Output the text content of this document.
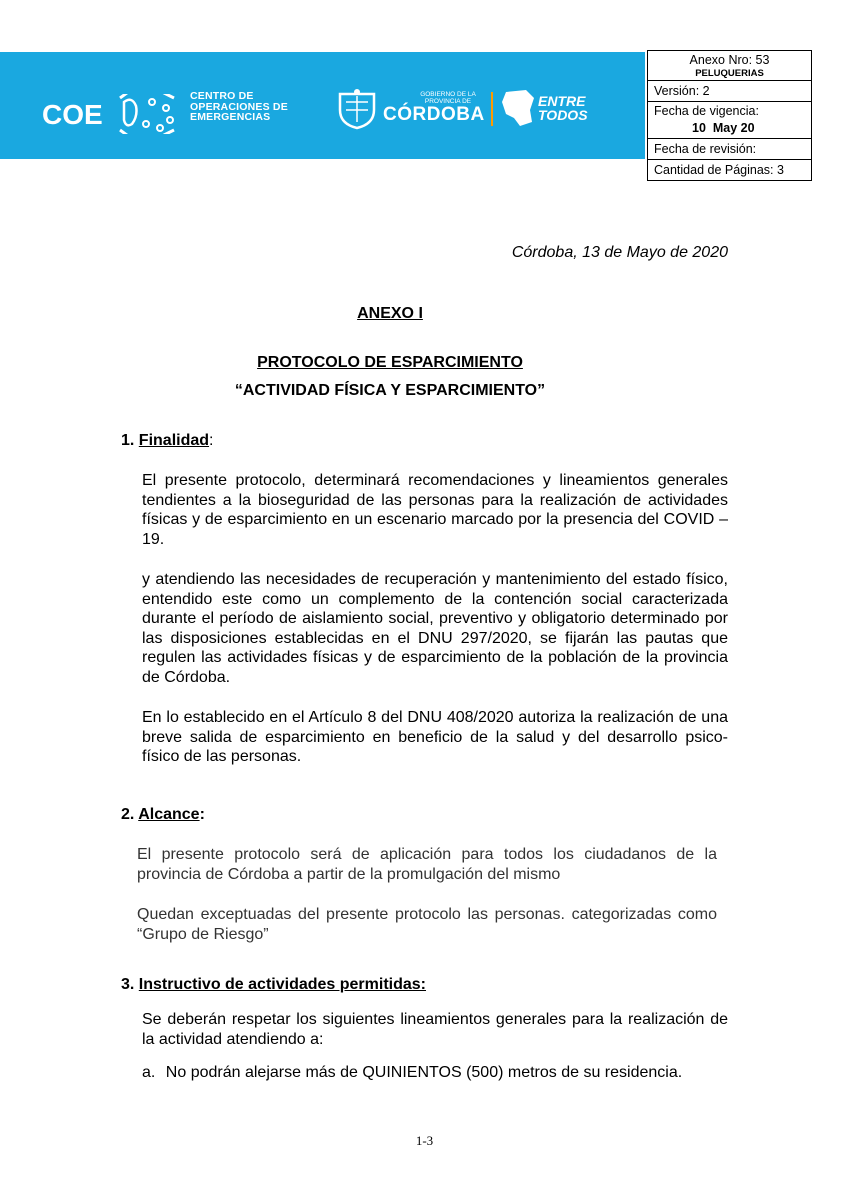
COE
CENTRO DE
OPERACIONES DE
EMERGENCIAS
GOBIERNO DE LA
PROVINCIA DE
CÓRDOBA
ENTRE
TODOS
Anexo Nro: 53
PELUQUERIAS
Versión: 2
Fecha de vigencia:
10  May 20
Fecha de revisión:
Cantidad de Páginas: 3
Córdoba, 13 de Mayo de 2020
ANEXO I
PROTOCOLO DE ESPARCIMIENTO
“ACTIVIDAD FÍSICA Y ESPARCIMIENTO”
1. Finalidad:
El presente protocolo, determinará recomendaciones y lineamientos generales tendientes a la bioseguridad de las personas para la realización de actividades físicas y de esparcimiento en un escenario marcado por la presencia del COVID – 19.
y atendiendo las necesidades de recuperación y mantenimiento del estado físico, entendido este como un complemento de la contención social caracterizada durante el período de aislamiento social, preventivo y obligatorio determinado por las disposiciones establecidas en el DNU 297/2020, se fijarán las pautas que regulen las actividades físicas y de esparcimiento de la población de la provincia de Córdoba.
En lo establecido en el Artículo 8 del DNU 408/2020 autoriza la realización de una breve salida de esparcimiento en beneficio de la salud y del desarrollo psico- físico de las personas.
2. Alcance:
El presente protocolo será de aplicación para todos los ciudadanos de la provincia de Córdoba a partir de la promulgación del mismo
Quedan exceptuadas del presente protocolo las personas. categorizadas como “Grupo de Riesgo”
3. Instructivo de actividades permitidas:
Se deberán respetar los siguientes lineamientos generales para la realización de la actividad atendiendo a:
a. No podrán alejarse más de QUINIENTOS (500) metros de su residencia.
1-3
